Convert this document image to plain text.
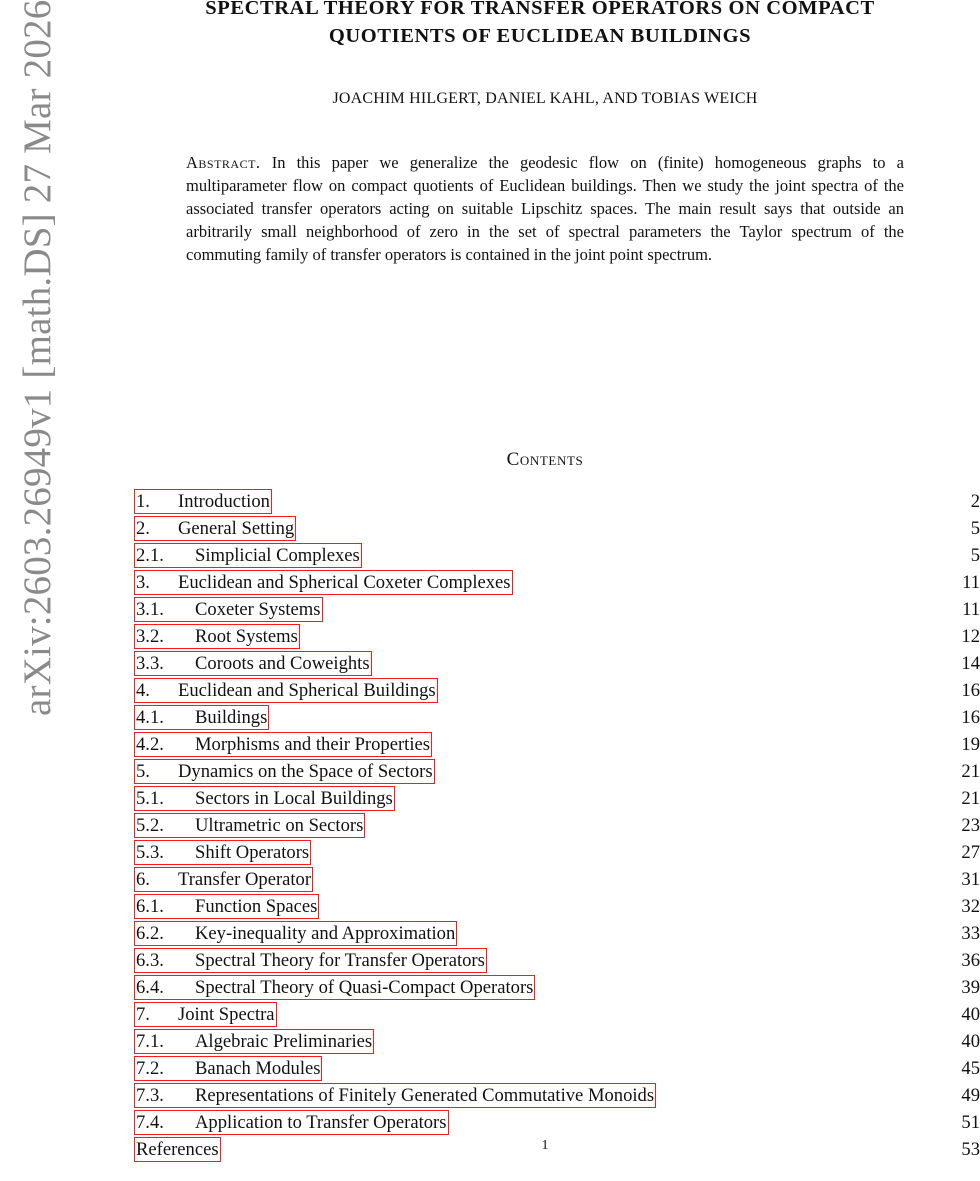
arXiv:2603.26949v1 [math.DS] 27 Mar 2026	SPECTRAL THEORY FOR TRANSFER OPERATORS ON COMPACT
QUOTIENTS OF EUCLIDEAN BUILDINGS
JOACHIM HILGERT, DANIEL KAHL, AND TOBIAS WEICH
Abstract. In this paper we generalize the geodesic flow on (finite) homogeneous graphs to a multiparameter flow on compact quotients of Euclidean buildings. Then we study the joint spectra of the associated transfer operators acting on suitable Lipschitz spaces. The main result says that outside an arbitrarily small neighborhood of zero in the set of spectral parameters the Taylor spectrum of the commuting family of transfer operators is contained in the joint point spectrum.
Contents
1. Introduction	2
2. General Setting	5
2.1. Simplicial Complexes	5
3. Euclidean and Spherical Coxeter Complexes	11
3.1. Coxeter Systems	11
3.2. Root Systems	12
3.3. Coroots and Coweights	14
4. Euclidean and Spherical Buildings	16
4.1. Buildings	16
4.2. Morphisms and their Properties	19
5. Dynamics on the Space of Sectors	21
5.1. Sectors in Local Buildings	21
5.2. Ultrametric on Sectors	23
5.3. Shift Operators	27
6. Transfer Operator	31
6.1. Function Spaces	32
6.2. Key-inequality and Approximation	33
6.3. Spectral Theory for Transfer Operators	36
6.4. Spectral Theory of Quasi-Compact Operators	39
7. Joint Spectra	40
7.1. Algebraic Preliminaries	40
7.2. Banach Modules	45
7.3. Representations of Finitely Generated Commutative Monoids	49
7.4. Application to Transfer Operators	51
References	53
1
